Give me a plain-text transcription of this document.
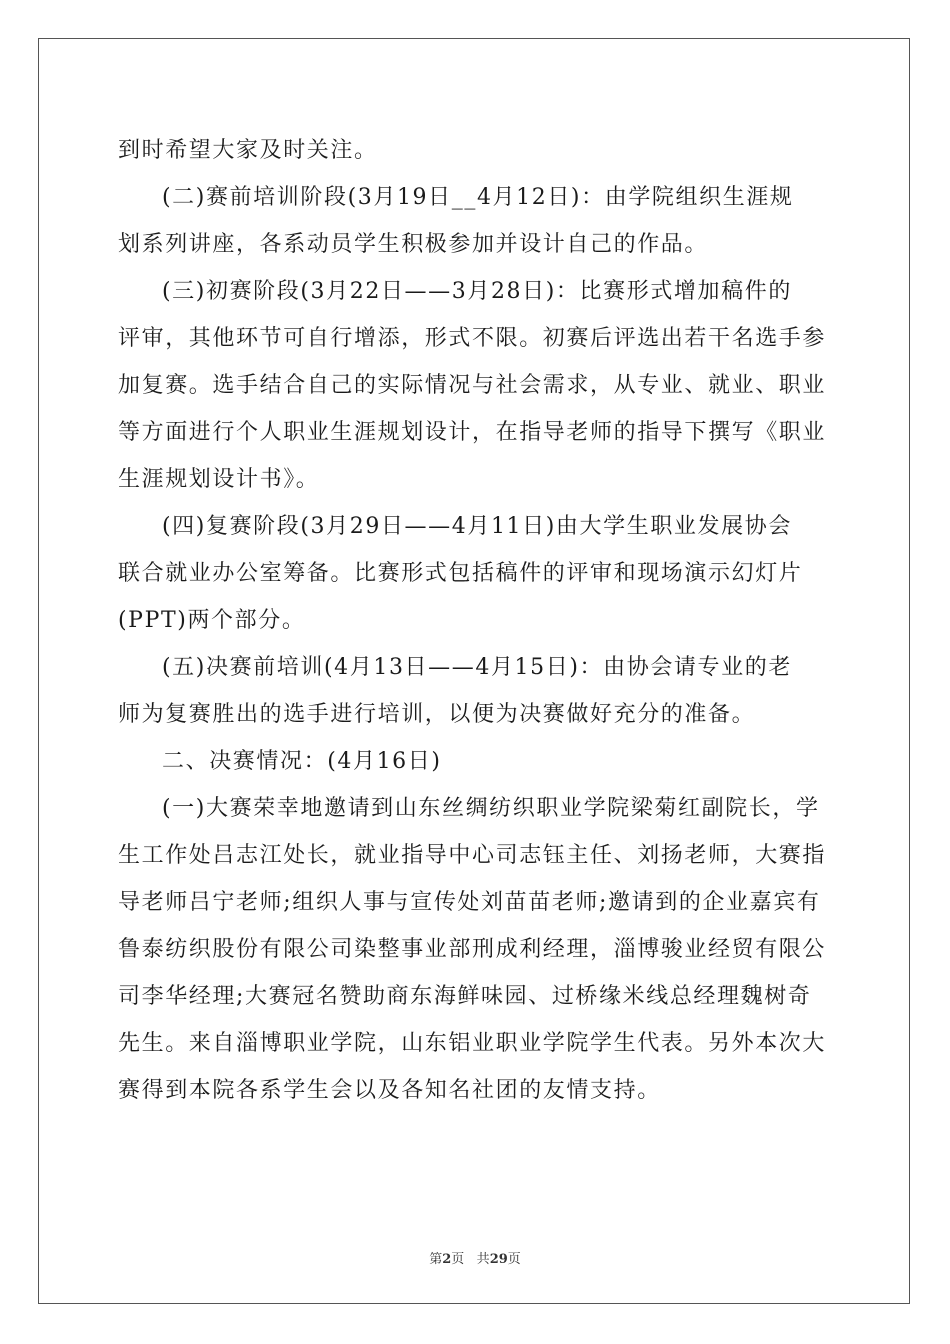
到时希望大家及时关注。
(二)赛前培训阶段(3月19日__4月12日)：由学院组织生涯规
划系列讲座，各系动员学生积极参加并设计自己的作品。
(三)初赛阶段(3月22日——3月28日)：比赛形式增加稿件的
评审，其他环节可自行增添，形式不限。初赛后评选出若干名选手参
加复赛。选手结合自己的实际情况与社会需求，从专业、就业、职业
等方面进行个人职业生涯规划设计，在指导老师的指导下撰写《职业
生涯规划设计书》。
(四)复赛阶段(3月29日——4月11日)由大学生职业发展协会
联合就业办公室筹备。比赛形式包括稿件的评审和现场演示幻灯片
(PPT)两个部分。
(五)决赛前培训(4月13日——4月15日)：由协会请专业的老
师为复赛胜出的选手进行培训，以便为决赛做好充分的准备。
二、决赛情况：(4月16日)
(一)大赛荣幸地邀请到山东丝绸纺织职业学院梁菊红副院长，学
生工作处吕志江处长，就业指导中心司志钰主任、刘扬老师，大赛指
导老师吕宁老师;组织人事与宣传处刘苗苗老师;邀请到的企业嘉宾有
鲁泰纺织股份有限公司染整事业部刑成利经理，淄博骏业经贸有限公
司李华经理;大赛冠名赞助商东海鲜味园、过桥缘米线总经理魏树奇
先生。来自淄博职业学院，山东铝业职业学院学生代表。另外本次大
赛得到本院各系学生会以及各知名社团的友情支持。
第2页 共29页
